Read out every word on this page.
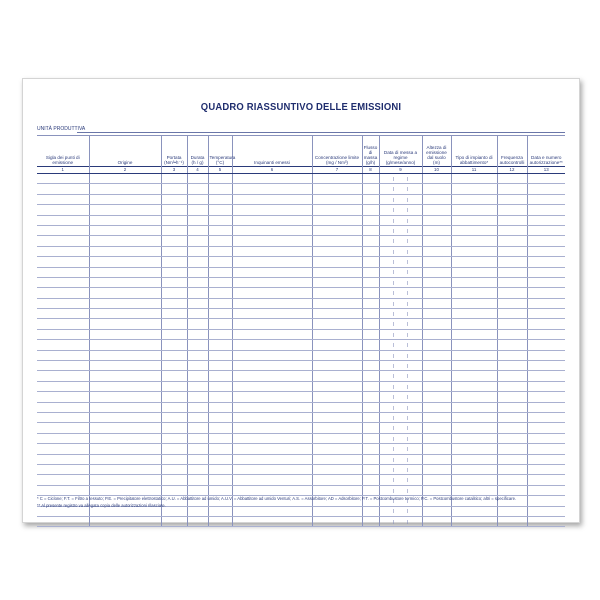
QUADRO RIASSUNTIVO DELLE EMISSIONI
UNITÀ PRODUTTIVA
Sigla dei punti di emissione	Origine	Portata (Nm³•h⁻¹)	Durata (h / g)	Temperatura (°C)	Inquinanti emessi	Concentrazione limite (mg / Nm³)	Flusso di massa (g/h)	Data di messa a regime (g/mese/anno)	Altezza di emissione dal suolo (m)	Tipo di impianto di abbattimento*	Frequenza autocontrolli	Data e numero autorizzazione**
1	2	3	4	5	6	7	8	9	10	11	12	13

* C = Ciclone; F.T. = Filtro a tessuto; P.E. = Precipitatore elettrostatico; A.U. = Abbattitore ad umido; A.U.V. = Abbattitore ad umido Venturi; A.S. = Assorbitore; AD = Adsorbitore; P.T. = Postcombustore termico; P.C. = Postcombustore catalitico; altri = specificare.
** Al presente registro va allegata copia delle autorizzazioni rilasciate.
